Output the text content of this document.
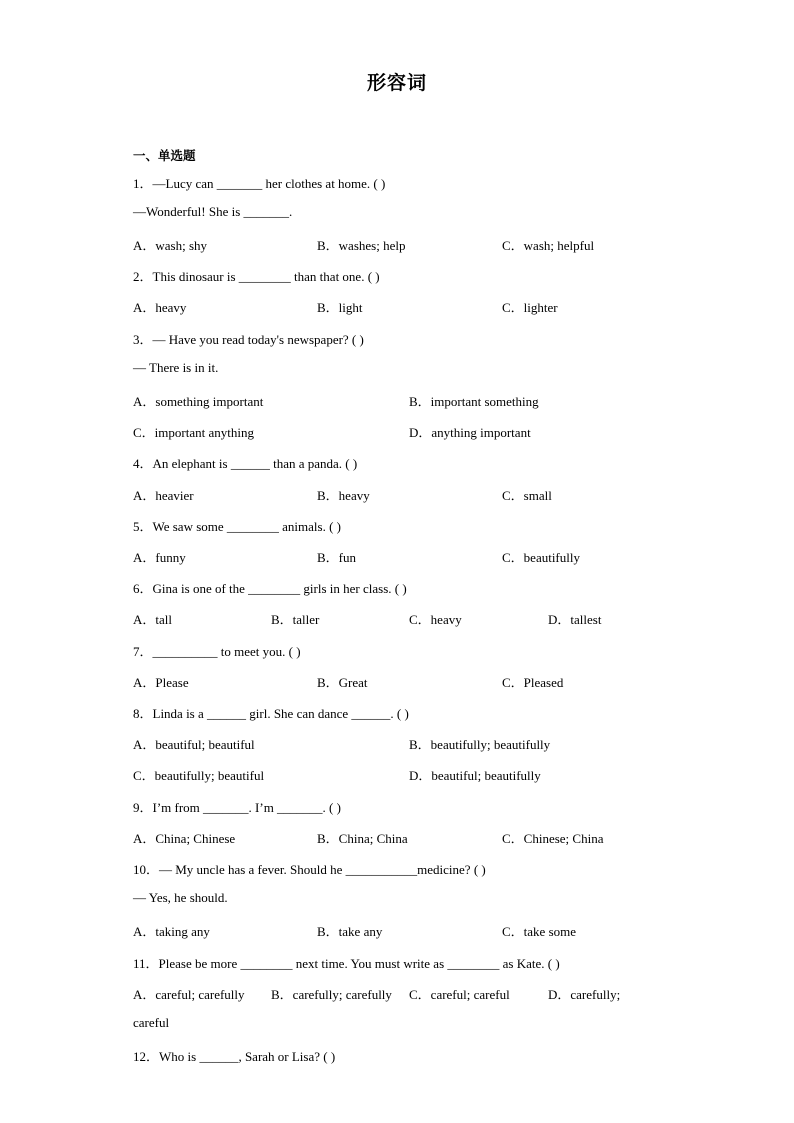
形容词
一、单选题
1．—Lucy can _______ her clothes at home. ( )
—Wonderful! She is _______.
A．wash; shy	B．washes; help	C．wash; helpful
2．This dinosaur is ________ than that one. ( )
A．heavy	B．light	C．lighter
3．— Have you read today's newspaper? ( )
— There is in it.
A．something important	B．important something
C．important anything	D．anything important
4．An elephant is ______ than a panda. ( )
A．heavier	B．heavy	C．small
5．We saw some ________ animals. ( )
A．funny	B．fun	C．beautifully
6．Gina is one of the ________ girls in her class. ( )
A．tall	B．taller	C．heavy	D．tallest
7．__________ to meet you. ( )
A．Please	B．Great	C．Pleased
8．Linda is a ______ girl. She can dance ______. ( )
A．beautiful; beautiful	B．beautifully; beautifully
C．beautifully; beautiful	D．beautiful; beautifully
9．I’m from _______. I’m _______. ( )
A．China; Chinese	B．China; China	C．Chinese; China
10．— My uncle has a fever. Should he ___________medicine? ( )
— Yes, he should.
A．taking any	B．take any	C．take some
11．Please be more ________ next time. You must write as ________ as Kate. ( )
A．careful; carefully B．carefully; carefully C．careful; careful	D．carefully;
careful
12．Who is ______, Sarah or Lisa? ( )
